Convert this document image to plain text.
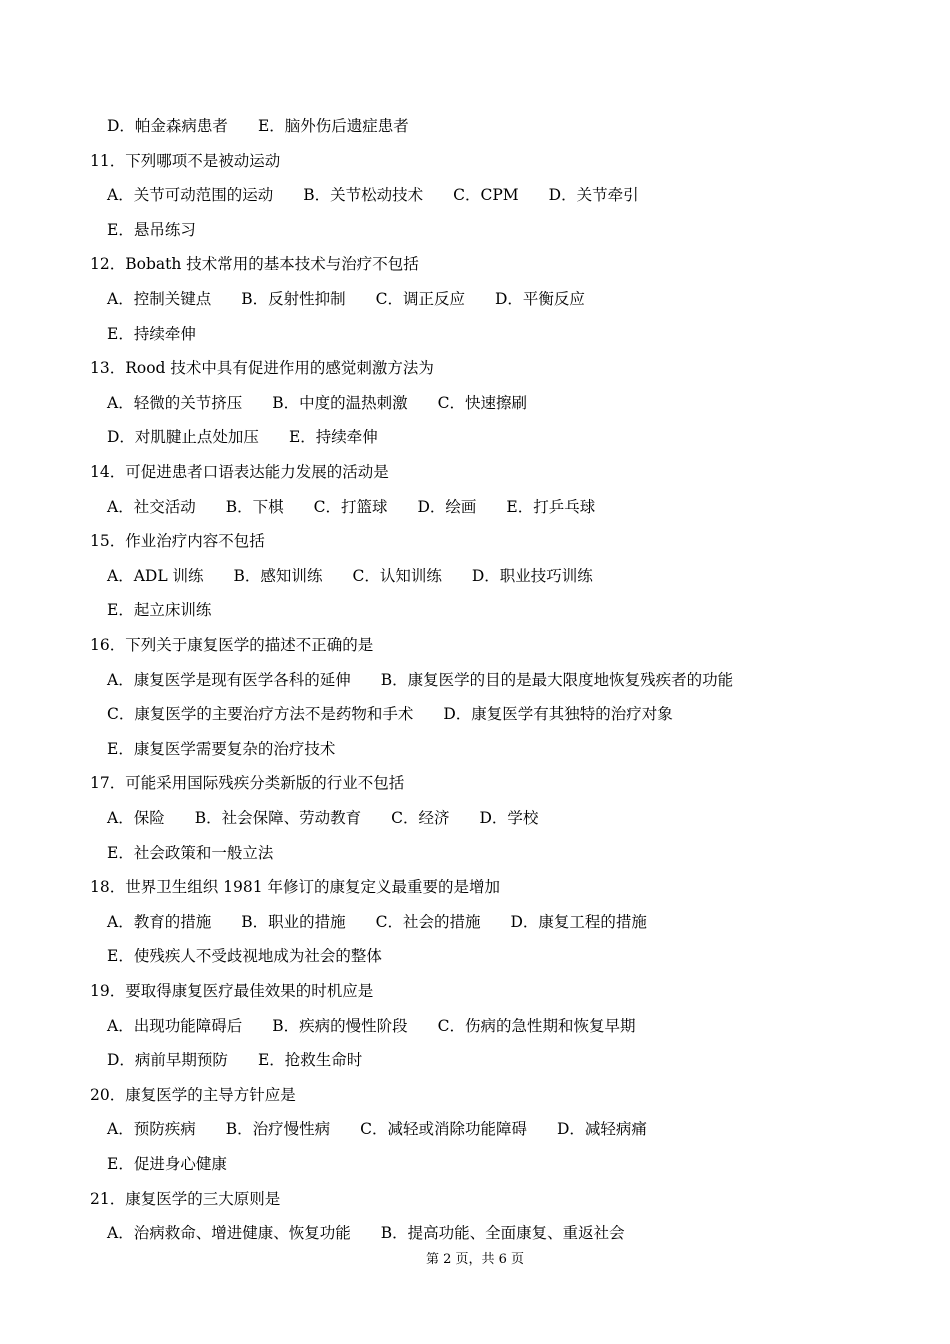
D．帕金森病患者 E．脑外伤后遗症患者
11．下列哪项不是被动运动
A．关节可动范围的运动 B．关节松动技术 C．CPM D．关节牵引
E．悬吊练习
12．Bobath 技术常用的基本技术与治疗不包括
A．控制关键点 B．反射性抑制 C．调正反应 D．平衡反应
E．持续牵伸
13．Rood 技术中具有促进作用的感觉刺激方法为
A．轻微的关节挤压 B．中度的温热刺激 C．快速擦刷
D．对肌腱止点处加压 E．持续牵伸
14．可促进患者口语表达能力发展的活动是
A．社交活动 B．下棋 C．打篮球 D．绘画 E．打乒乓球
15．作业治疗内容不包括
A．ADL 训练 B．感知训练 C．认知训练 D．职业技巧训练
E．起立床训练
16．下列关于康复医学的描述不正确的是
A．康复医学是现有医学各科的延伸 B．康复医学的目的是最大限度地恢复残疾者的功能
C．康复医学的主要治疗方法不是药物和手术 D．康复医学有其独特的治疗对象
E．康复医学需要复杂的治疗技术
17．可能采用国际残疾分类新版的行业不包括
A．保险 B．社会保障、劳动教育 C．经济 D．学校
E．社会政策和一般立法
18．世界卫生组织 1981 年修订的康复定义最重要的是增加
A．教育的措施 B．职业的措施 C．社会的措施 D．康复工程的措施
E．使残疾人不受歧视地成为社会的整体
19．要取得康复医疗最佳效果的时机应是
A．出现功能障碍后 B．疾病的慢性阶段 C．伤病的急性期和恢复早期
D．病前早期预防 E．抢救生命时
20．康复医学的主导方针应是
A．预防疾病 B．治疗慢性病 C．减轻或消除功能障碍 D．减轻病痛
E．促进身心健康
21．康复医学的三大原则是
A．治病救命、增进健康、恢复功能 B．提高功能、全面康复、重返社会
第 2 页，共 6 页
